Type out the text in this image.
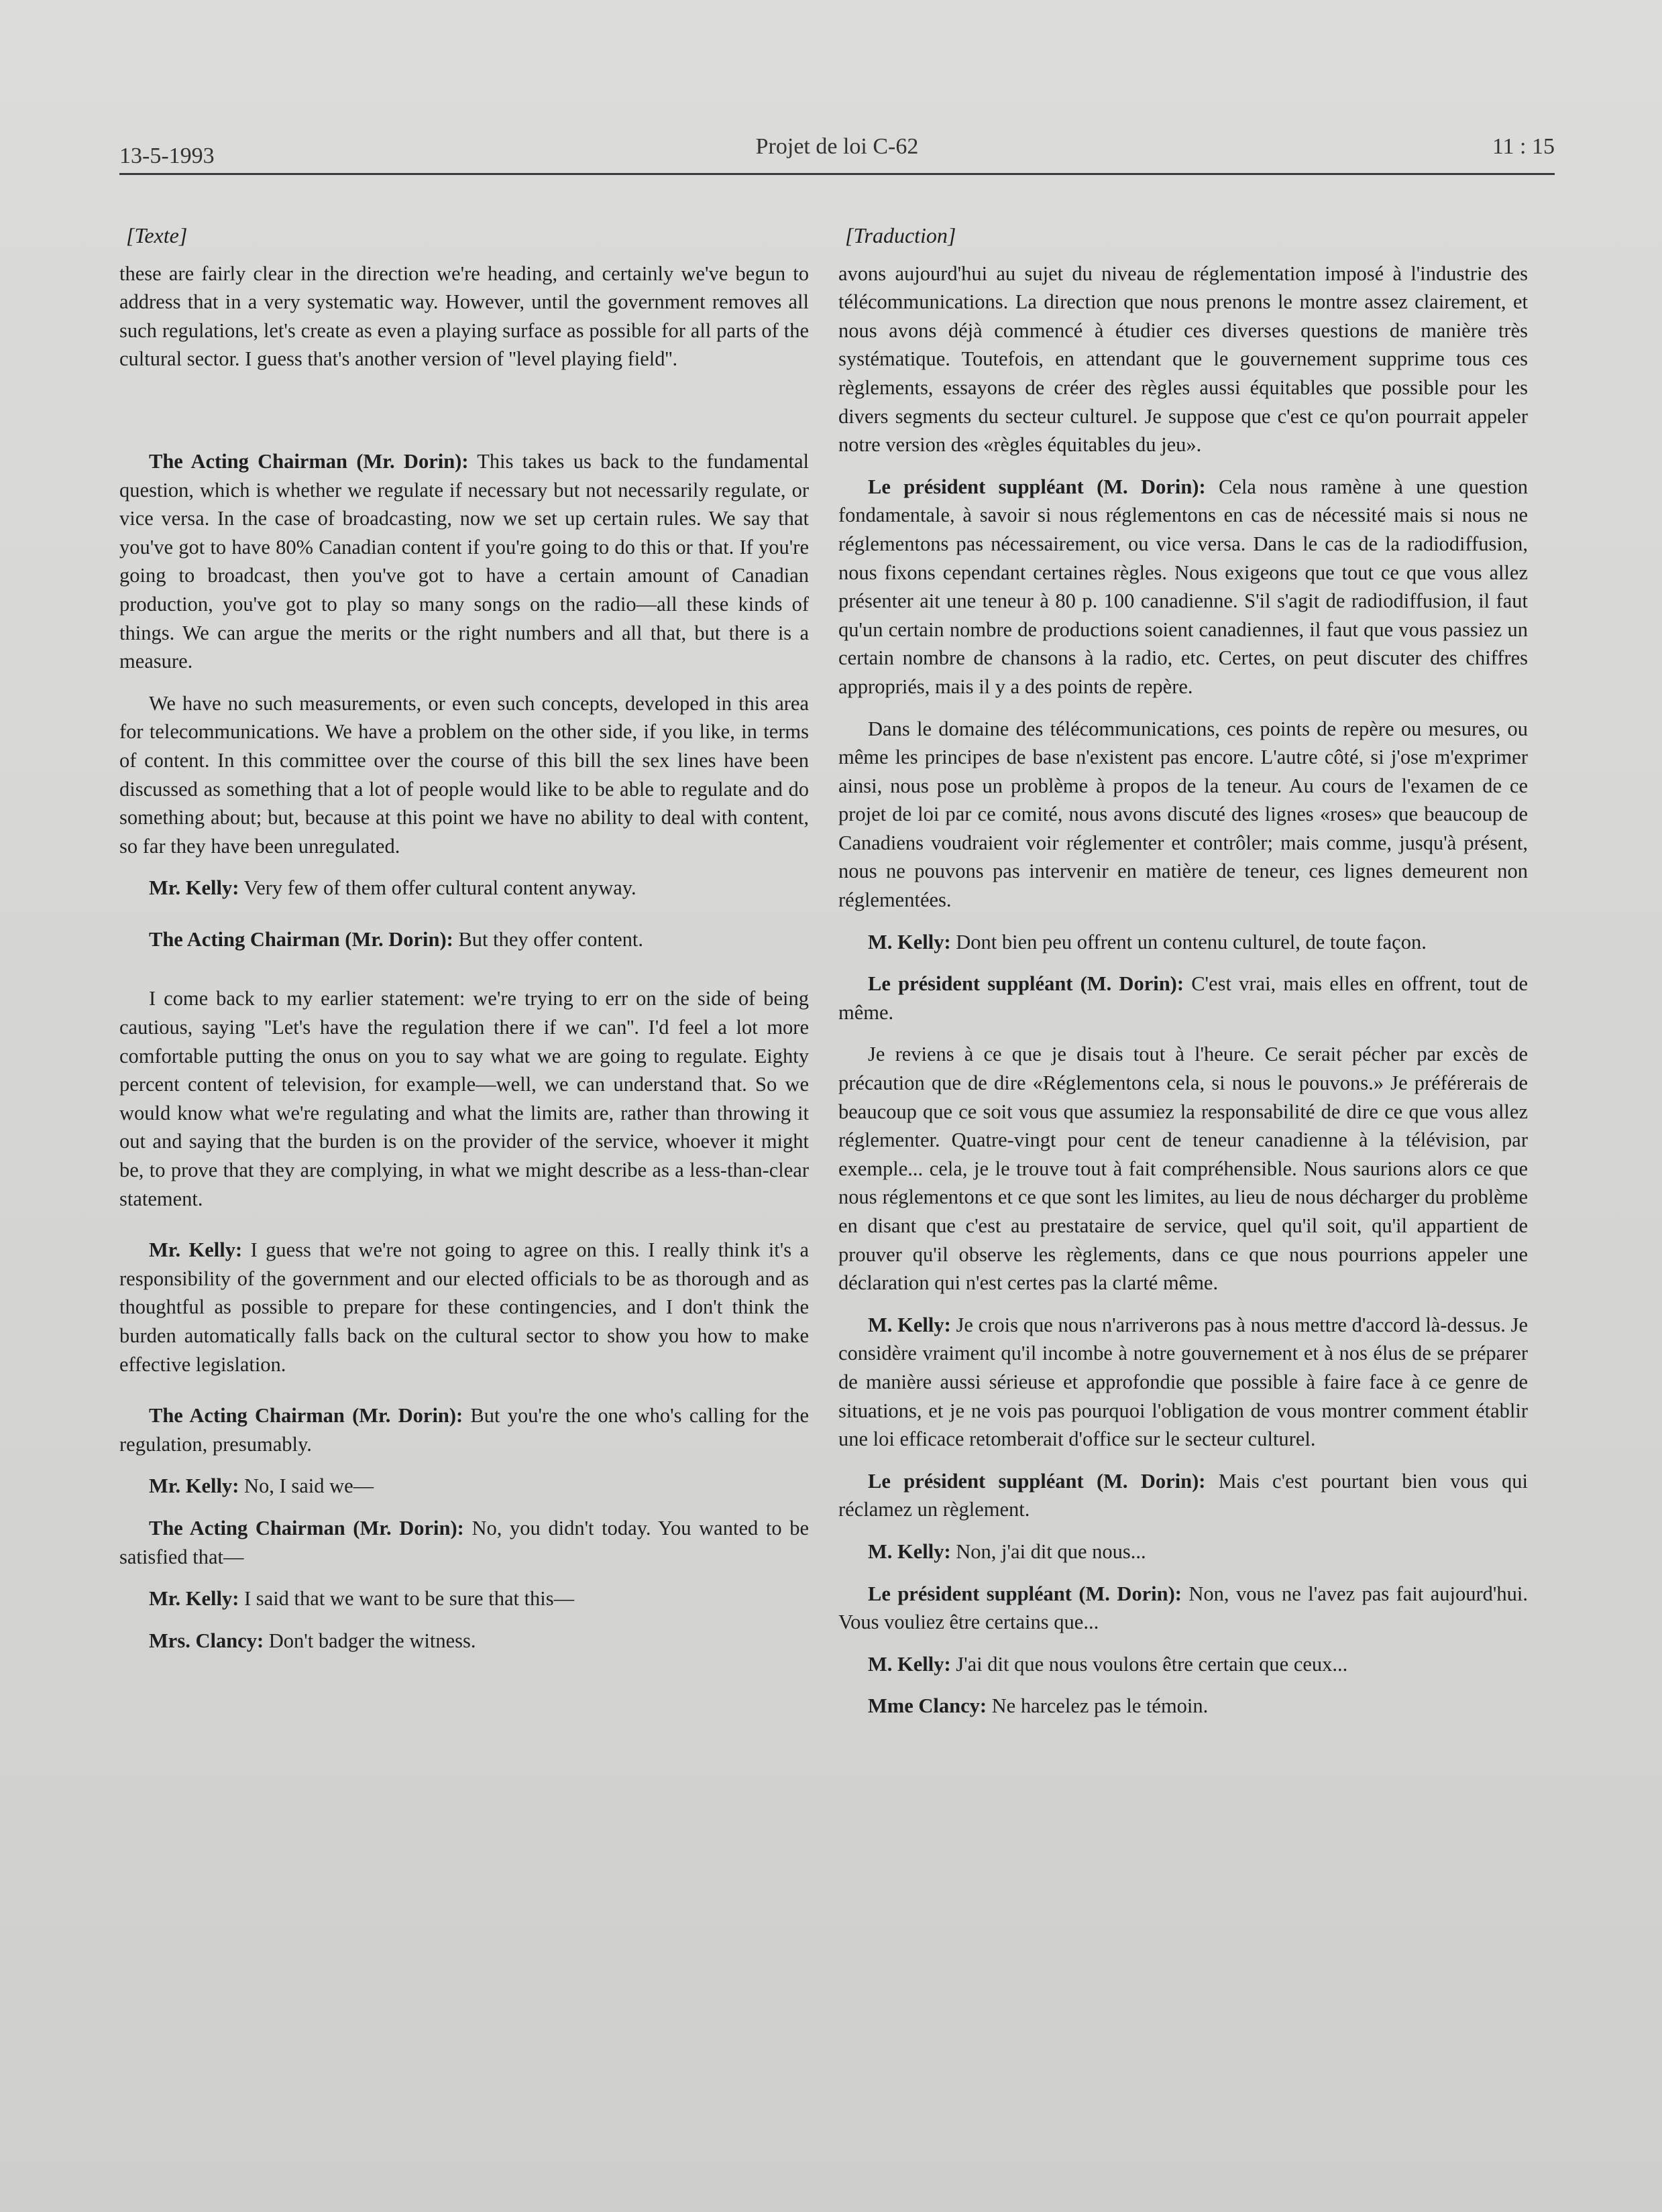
13-5-1993	Projet de loi C-62	11 : 15
[Texte]

these are fairly clear in the direction we're heading, and certainly we've begun to address that in a very systematic way. However, until the government removes all such regulations, let's create as even a playing surface as possible for all parts of the cultural sector. I guess that's another version of ''level playing field''.

The Acting Chairman (Mr. Dorin): This takes us back to the fundamental question, which is whether we regulate if necessary but not necessarily regulate, or vice versa. In the case of broadcasting, now we set up certain rules. We say that you've got to have 80% Canadian content if you're going to do this or that. If you're going to broadcast, then you've got to have a certain amount of Canadian production, you've got to play so many songs on the radio—all these kinds of things. We can argue the merits or the right numbers and all that, but there is a measure.

We have no such measurements, or even such concepts, developed in this area for telecommunications. We have a problem on the other side, if you like, in terms of content. In this committee over the course of this bill the sex lines have been discussed as something that a lot of people would like to be able to regulate and do something about; but, because at this point we have no ability to deal with content, so far they have been unregulated.

Mr. Kelly: Very few of them offer cultural content anyway.

The Acting Chairman (Mr. Dorin): But they offer content.

I come back to my earlier statement: we're trying to err on the side of being cautious, saying ''Let's have the regulation there if we can''. I'd feel a lot more comfortable putting the onus on you to say what we are going to regulate. Eighty percent content of television, for example—well, we can understand that. So we would know what we're regulating and what the limits are, rather than throwing it out and saying that the burden is on the provider of the service, whoever it might be, to prove that they are complying, in what we might describe as a less-than-clear statement.

Mr. Kelly: I guess that we're not going to agree on this. I really think it's a responsibility of the government and our elected officials to be as thorough and as thoughtful as possible to prepare for these contingencies, and I don't think the burden automatically falls back on the cultural sector to show you how to make effective legislation.

The Acting Chairman (Mr. Dorin): But you're the one who's calling for the regulation, presumably.

Mr. Kelly: No, I said we—

The Acting Chairman (Mr. Dorin): No, you didn't today. You wanted to be satisfied that—

Mr. Kelly: I said that we want to be sure that this—

Mrs. Clancy: Don't badger the witness.

[Traduction]

avons aujourd'hui au sujet du niveau de réglementation imposé à l'industrie des télécommunications. La direction que nous prenons le montre assez clairement, et nous avons déjà commencé à étudier ces diverses questions de manière très systématique. Toutefois, en attendant que le gouvernement supprime tous ces règlements, essayons de créer des règles aussi équitables que possible pour les divers segments du secteur culturel. Je suppose que c'est ce qu'on pourrait appeler notre version des «règles équitables du jeu».

Le président suppléant (M. Dorin): Cela nous ramène à une question fondamentale, à savoir si nous réglementons en cas de nécessité mais si nous ne réglementons pas nécessairement, ou vice versa. Dans le cas de la radiodiffusion, nous fixons cependant certaines règles. Nous exigeons que tout ce que vous allez présenter ait une teneur à 80 p. 100 canadienne. S'il s'agit de radiodiffusion, il faut qu'un certain nombre de productions soient canadiennes, il faut que vous passiez un certain nombre de chansons à la radio, etc. Certes, on peut discuter des chiffres appropriés, mais il y a des points de repère.

Dans le domaine des télécommunications, ces points de repère ou mesures, ou même les principes de base n'existent pas encore. L'autre côté, si j'ose m'exprimer ainsi, nous pose un problème à propos de la teneur. Au cours de l'examen de ce projet de loi par ce comité, nous avons discuté des lignes «roses» que beaucoup de Canadiens voudraient voir réglementer et contrôler; mais comme, jusqu'à présent, nous ne pouvons pas intervenir en matière de teneur, ces lignes demeurent non réglementées.

M. Kelly: Dont bien peu offrent un contenu culturel, de toute façon.

Le président suppléant (M. Dorin): C'est vrai, mais elles en offrent, tout de même.

Je reviens à ce que je disais tout à l'heure. Ce serait pécher par excès de précaution que de dire «Réglementons cela, si nous le pouvons.» Je préférerais de beaucoup que ce soit vous que assumiez la responsabilité de dire ce que vous allez réglementer. Quatre-vingt pour cent de teneur canadienne à la télévision, par exemple... cela, je le trouve tout à fait compréhensible. Nous saurions alors ce que nous réglementons et ce que sont les limites, au lieu de nous décharger du problème en disant que c'est au prestataire de service, quel qu'il soit, qu'il appartient de prouver qu'il observe les règlements, dans ce que nous pourrions appeler une déclaration qui n'est certes pas la clarté même.

M. Kelly: Je crois que nous n'arriverons pas à nous mettre d'accord là-dessus. Je considère vraiment qu'il incombe à notre gouvernement et à nos élus de se préparer de manière aussi sérieuse et approfondie que possible à faire face à ce genre de situations, et je ne vois pas pourquoi l'obligation de vous montrer comment établir une loi efficace retomberait d'office sur le secteur culturel.

Le président suppléant (M. Dorin): Mais c'est pourtant bien vous qui réclamez un règlement.

M. Kelly: Non, j'ai dit que nous...

Le président suppléant (M. Dorin): Non, vous ne l'avez pas fait aujourd'hui. Vous vouliez être certains que...

M. Kelly: J'ai dit que nous voulons être certain que ceux...

Mme Clancy: Ne harcelez pas le témoin.
